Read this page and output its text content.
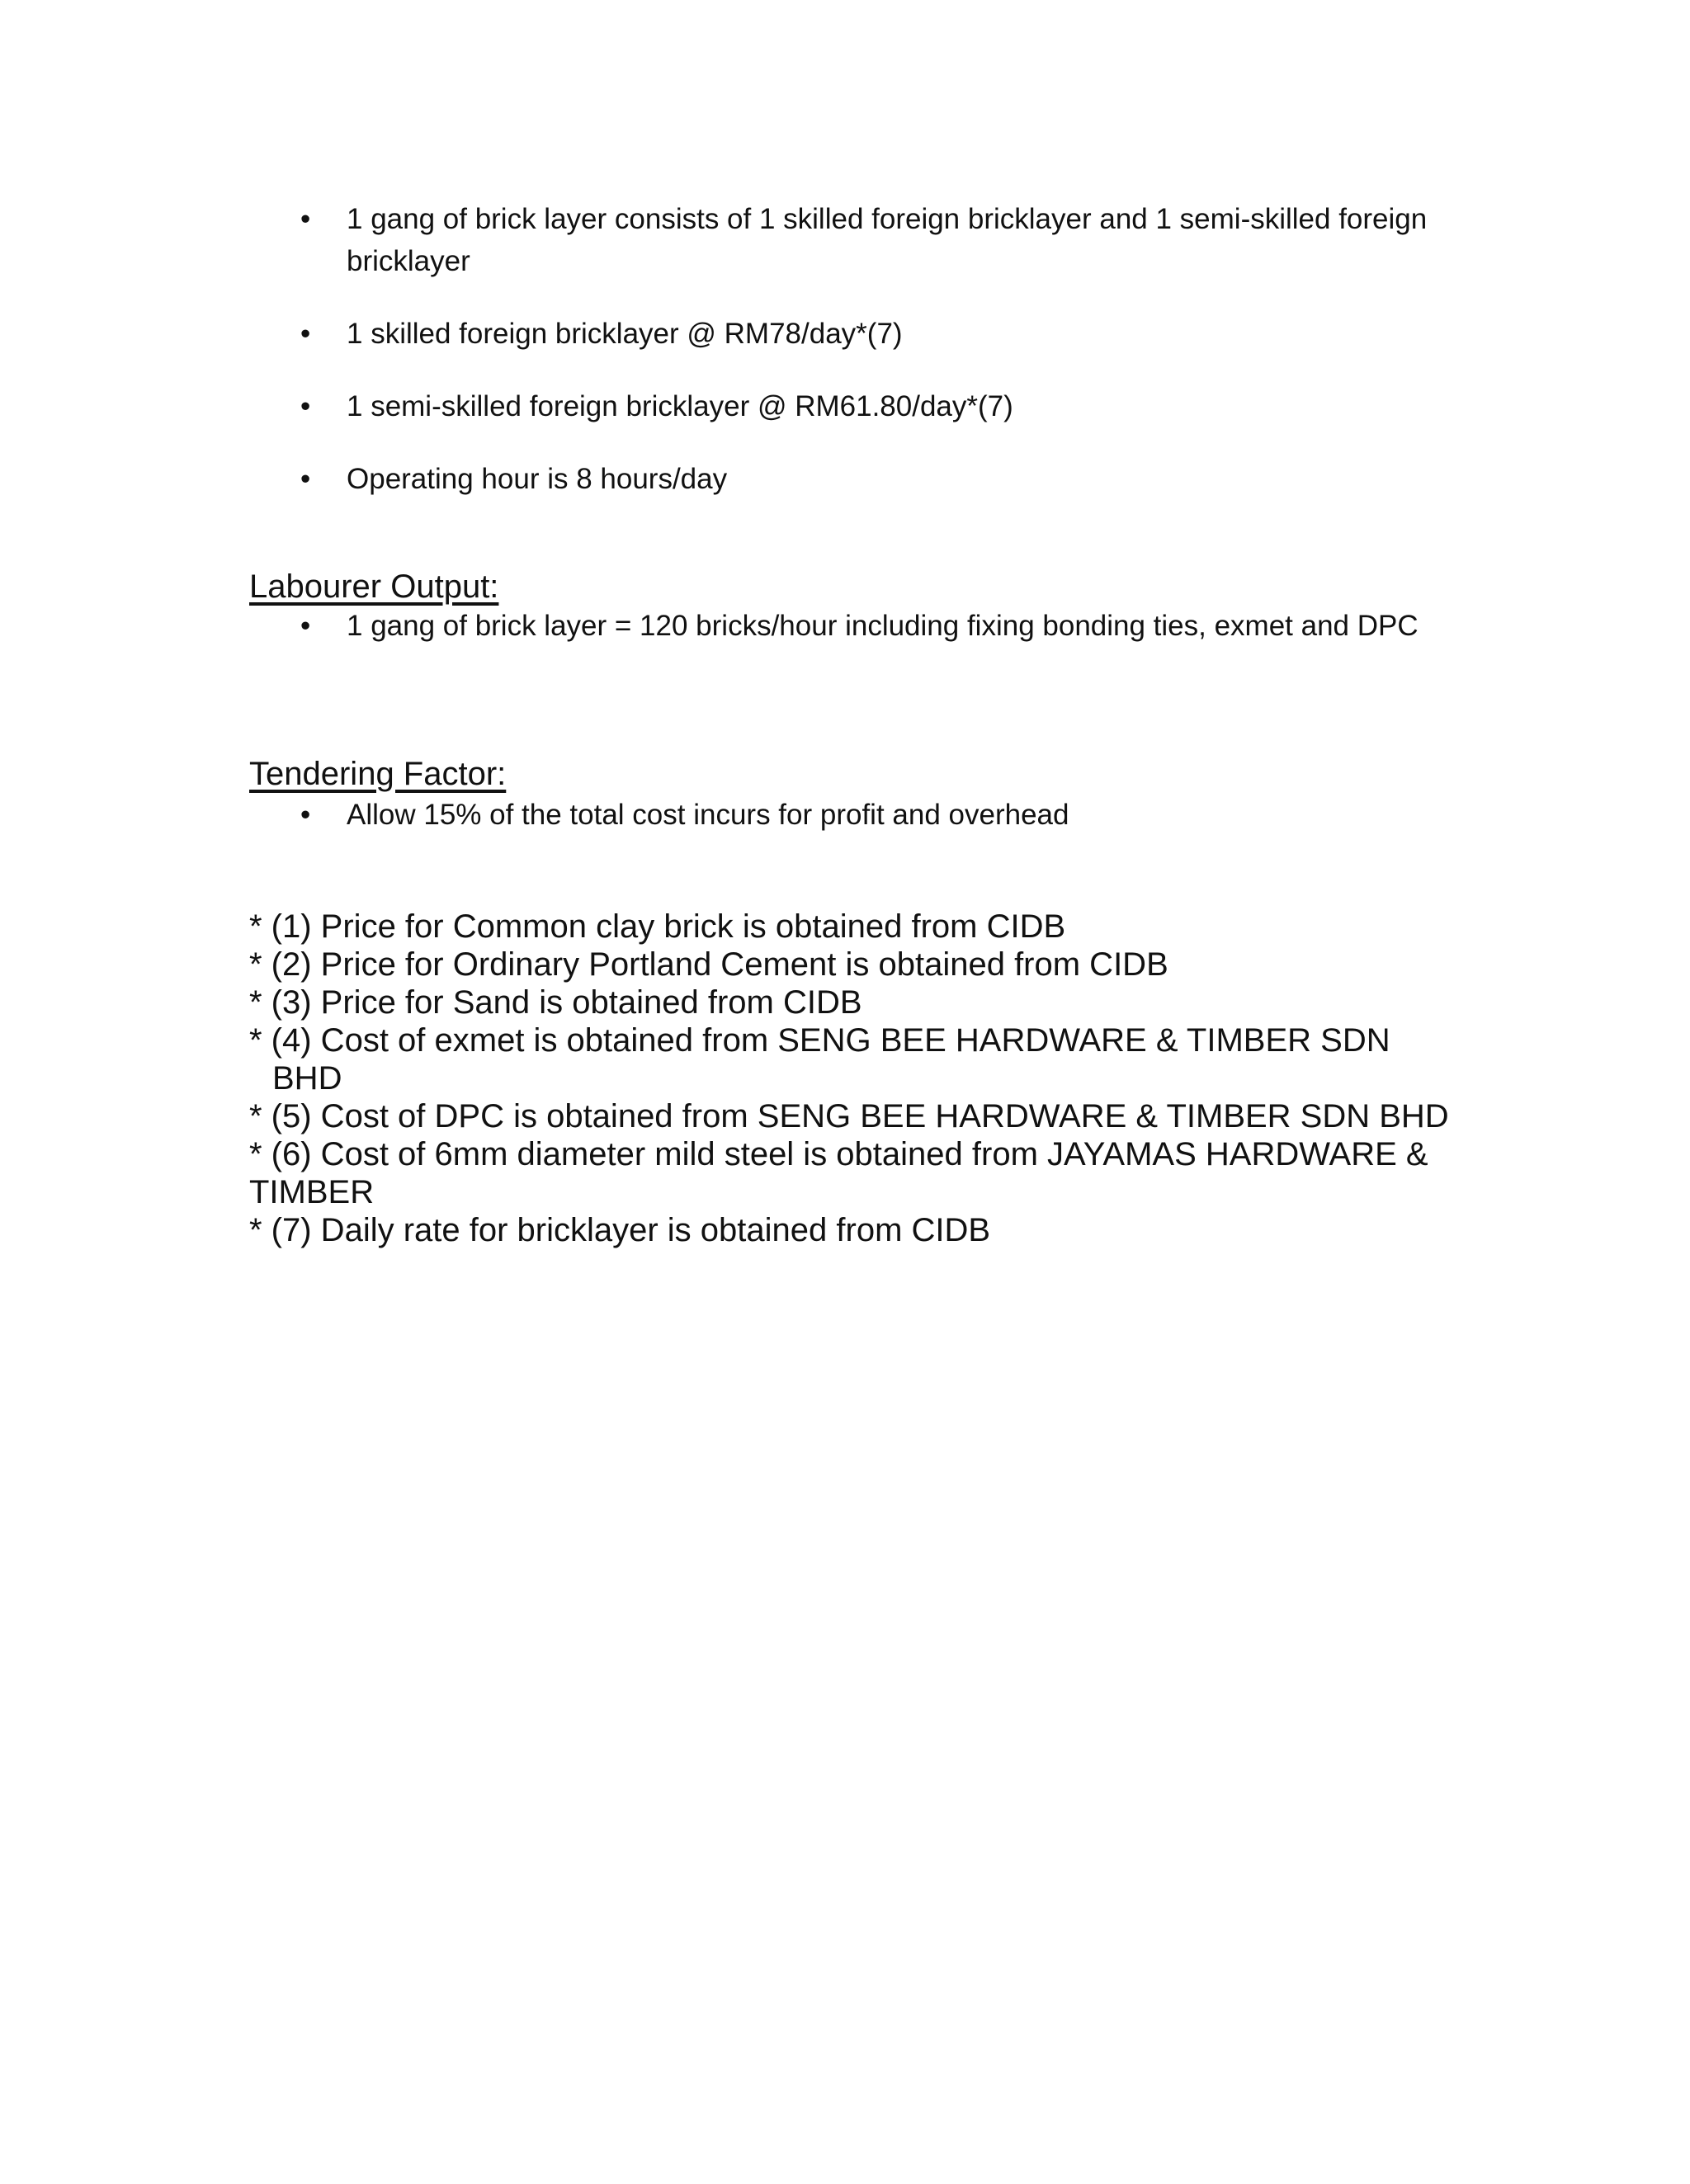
• 1 gang of brick layer consists of 1 skilled foreign bricklayer and 1 semi-skilled foreign bricklayer
• 1 skilled foreign bricklayer @ RM78/day*(7)
• 1 semi-skilled foreign bricklayer @ RM61.80/day*(7)
• Operating hour is 8 hours/day
Labourer Output:
• 1 gang of brick layer = 120 bricks/hour including fixing bonding ties, exmet and DPC
Tendering Factor:
• Allow 15% of the total cost incurs for profit and overhead

* (1) Price for Common clay brick is obtained from CIDB

* (2) Price for Ordinary Portland Cement is obtained from CIDB

* (3) Price for Sand is obtained from CIDB

* (4) Cost of exmet is obtained from SENG BEE HARDWARE & TIMBER SDN BHD

* (5) Cost of DPC is obtained from SENG BEE HARDWARE & TIMBER SDN BHD

* (6) Cost of 6mm diameter mild steel is obtained from JAYAMAS HARDWARE & TIMBER

* (7) Daily rate for bricklayer is obtained from CIDB
